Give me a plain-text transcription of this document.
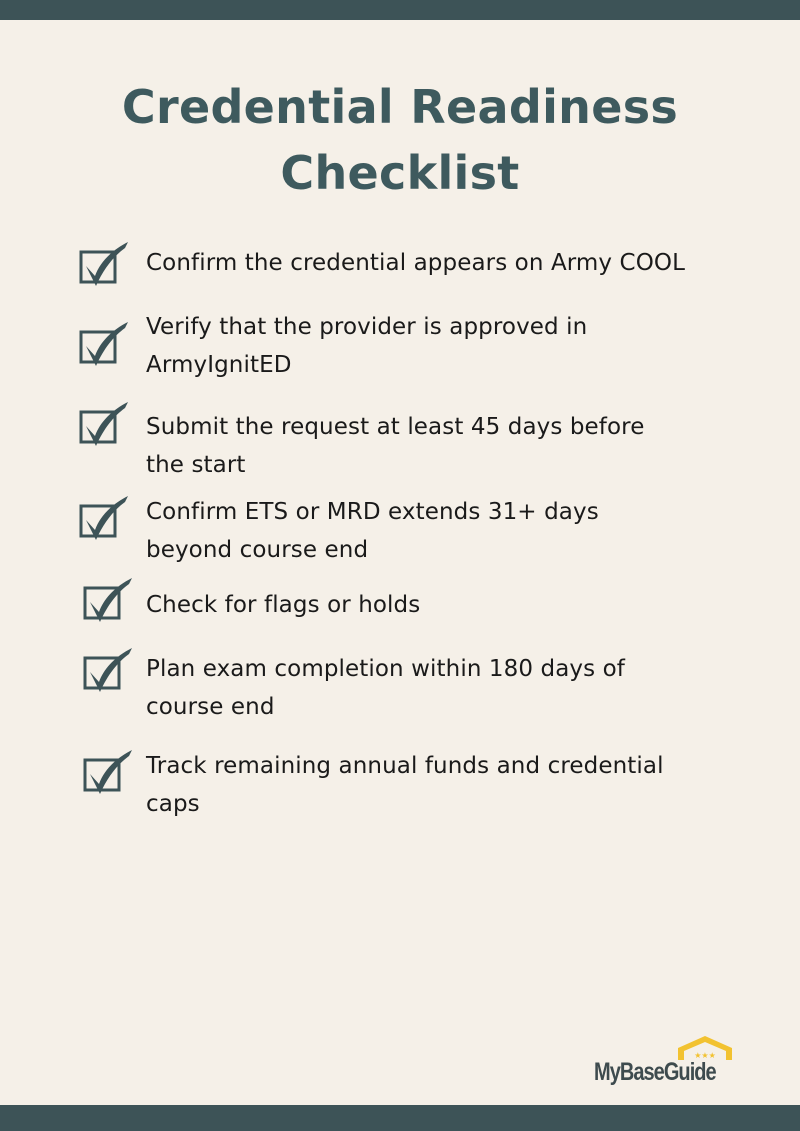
Credential Readiness
Checklist
Confirm the credential appears on Army COOL
Verify that the provider is approved in ArmyIgnitED
Submit the request at least 45 days before the start
Confirm ETS or MRD extends 31+ days beyond course end
Check for flags or holds
Plan exam completion within 180 days of course end
Track remaining annual funds and credential caps
★★★
MyBaseGuide
